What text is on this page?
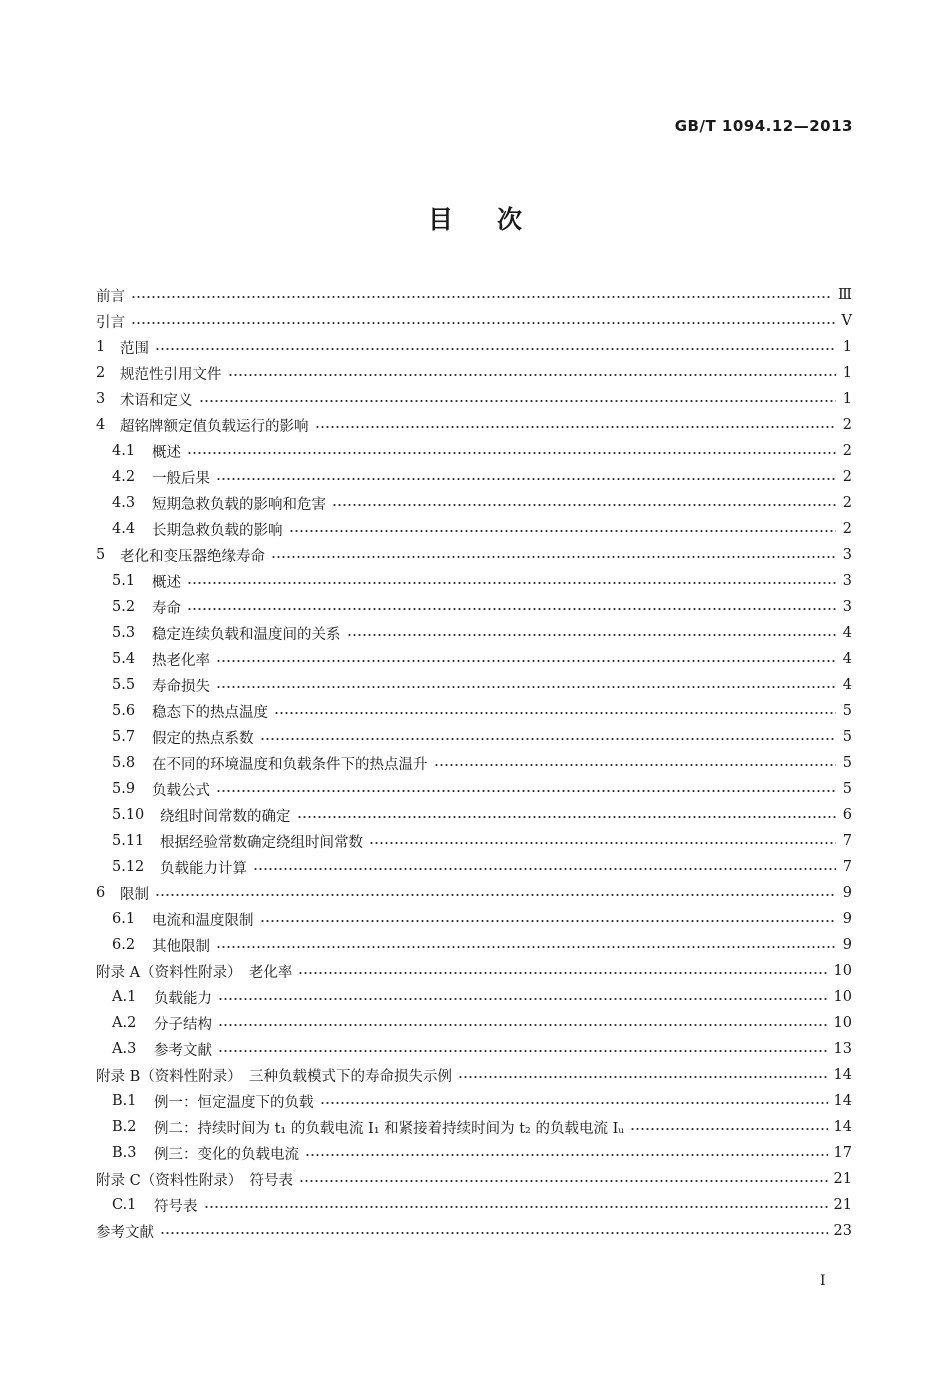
GB/T 1094.12—2013
目次
前言	Ⅲ
引言	Ⅴ
1	范围	1
2	规范性引用文件	1
3	术语和定义	1
4	超铭牌额定值负载运行的影响	2
4.1	概述	2
4.2	一般后果	2
4.3	短期急救负载的影响和危害	2
4.4	长期急救负载的影响	2
5	老化和变压器绝缘寿命	3
5.1	概述	3
5.2	寿命	3
5.3	稳定连续负载和温度间的关系	4
5.4	热老化率	4
5.5	寿命损失	4
5.6	稳态下的热点温度	5
5.7	假定的热点系数	5
5.8	在不同的环境温度和负载条件下的热点温升	5
5.9	负载公式	5
5.10	绕组时间常数的确定	6
5.11	根据经验常数确定绕组时间常数	7
5.12	负载能力计算	7
6	限制	9
6.1	电流和温度限制	9
6.2	其他限制	9
附录 A（资料性附录）　老化率	10
A.1	负载能力	10
A.2	分子结构	10
A.3	参考文献	13
附录 B（资料性附录）　三种负载模式下的寿命损失示例	14
B.1	例一：恒定温度下的负载	14
B.2	例二：持续时间为 t₁ 的负载电流 I₁ 和紧接着持续时间为 t₂ 的负载电流 Iᵤ	14
B.3	例三：变化的负载电流	17
附录 C（资料性附录）　符号表	21
C.1	符号表	21
参考文献	23
Ⅰ
